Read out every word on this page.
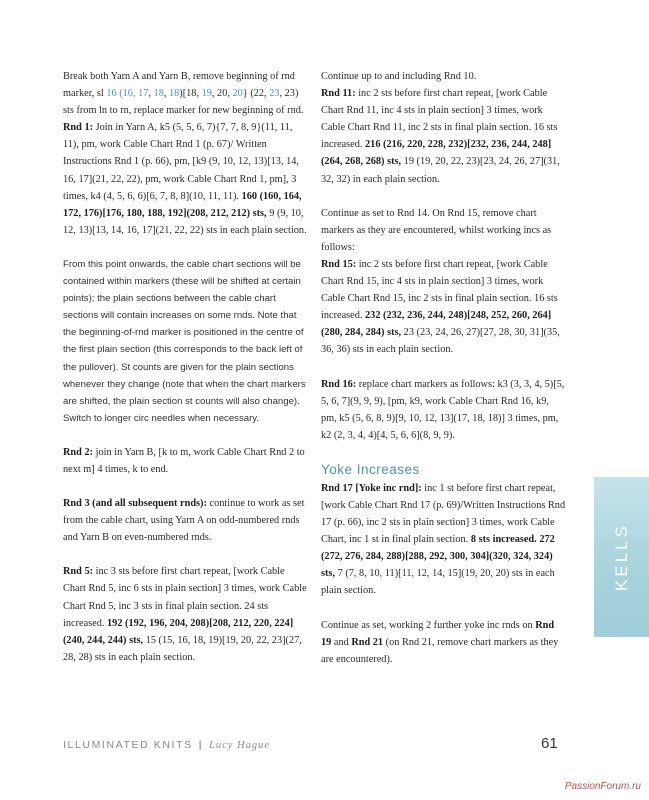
Break both Yarn A and Yarn B, remove beginning of rnd marker, sl 16 (16, 17, 18, 18)[18, 19, 20, 20} (22, 23, 23) sts from ln to rn, replace marker for new beginning of rnd.

Rnd 1: Join in Yarn A, k5 (5, 5, 6, 7){7, 7, 8, 9}(11, 11, 11), pm, work Cable Chart Rnd 1 (p. 67)/ Written Instructions Rnd 1 (p. 66), pm, [k9 (9, 10, 12, 13)[13, 14, 16, 17](21, 22, 22), pm, work Cable Chart Rnd 1, pm], 3 times, k4 (4, 5, 6, 6)[6, 7, 8, 8](10, 11, 11). 160 (160, 164, 172, 176)[176, 180, 188, 192](208, 212, 212) sts, 9 (9, 10, 12, 13)[13, 14, 16, 17](21, 22, 22) sts in each plain section.

From this point onwards, the cable chart sections will be contained within markers (these will be shifted at certain points); the plain sections between the cable chart sections will contain increases on some rnds. Note that the beginning-of-rnd marker is positioned in the centre of the first plain section (this corresponds to the back left of the pullover). St counts are given for the plain sections whenever they change (note that when the chart markers are shifted, the plain section st counts will also change). Switch to longer circ needles when necessary.

Rnd 2: join in Yarn B, [k to m, work Cable Chart Rnd 2 to next m] 4 times, k to end.

Rnd 3 (and all subsequent rnds): continue to work as set from the cable chart, using Yarn A on odd-numbered rnds and Yarn B on even-numbered rnds.

Rnd 5: inc 3 sts before first chart repeat, [work Cable Chart Rnd 5, inc 6 sts in plain section] 3 times, work Cable Chart Rnd 5, inc 3 sts in final plain section. 24 sts increased. 192 (192, 196, 204, 208)[208, 212, 220, 224](240, 244, 244) sts, 15 (15, 16, 18, 19)[19, 20, 22, 23](27, 28, 28) sts in each plain section.

Continue up to and including Rnd 10.

Rnd 11: inc 2 sts before first chart repeat, [work Cable Chart Rnd 11, inc 4 sts in plain section] 3 times, work Cable Chart Rnd 11, inc 2 sts in final plain section. 16 sts increased. 216 (216, 220, 228, 232)[232, 236, 244, 248](264, 268, 268) sts, 19 (19, 20, 22, 23)[23, 24, 26, 27](31, 32, 32) in each plain section.

Continue as set to Rnd 14. On Rnd 15, remove chart markers as they are encountered, whilst working incs as follows:

Rnd 15: inc 2 sts before first chart repeat, [work Cable Chart Rnd 15, inc 4 sts in plain section] 3 times, work Cable Chart Rnd 15, inc 2 sts in final plain section. 16 sts increased. 232 (232, 236, 244, 248)[248, 252, 260, 264](280, 284, 284) sts, 23 (23, 24, 26, 27)[27, 28, 30, 31](35, 36, 36) sts in each plain section.

Rnd 16: replace chart markers as follows: k3 (3, 3, 4, 5)[5, 5, 6, 7](9, 9, 9), [pm, k9, work Cable Chart Rnd 16, k9, pm, k5 (5, 6, 8, 9)[9, 10, 12, 13](17, 18, 18)] 3 times, pm, k2 (2, 3, 4, 4)[4, 5, 6, 6](8, 9, 9).

Yoke Increases

Rnd 17 [Yoke inc rnd]: inc 1 st before first chart repeat, [work Cable Chart Rnd 17 (p. 69)/Written Instructions Rnd 17 (p. 66), inc 2 sts in plain section] 3 times, work Cable Chart, inc 1 st in final plain section. 8 sts increased. 272 (272, 276, 284, 288)[288, 292, 300, 304](320, 324, 324) sts, 7 (7, 8, 10, 11)[11, 12, 14, 15](19, 20, 20) sts in each plain section.

Continue as set, working 2 further yoke inc rnds on Rnd 19 and Rnd 21 (on Rnd 21, remove chart markers as they are encountered).

KELLS
ILLUMINATED KNITS | Lucy Hague	61
PassionForum.ru
